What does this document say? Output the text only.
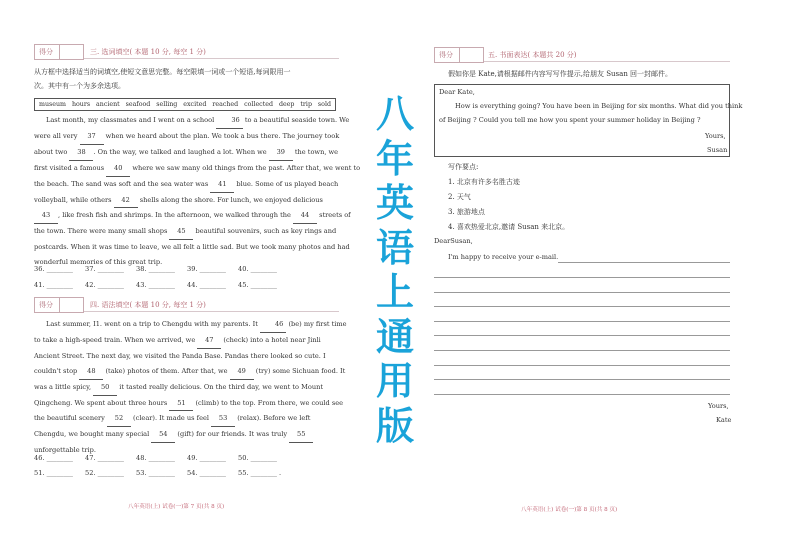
得分	三. 选词填空( 本题 10 分, 每空 1 分)
从方框中选择适当的词填空,使短文意思完整。每空限填一词或一个短语,每词限用一
次。其中有一个为多余选项。
museum hours ancient seafood selling excited reached collected deep trip sold
Last month, my classmates and I went on a school 36 to a beautiful seaside town. We
were all very 37 when we heard about the plan. We took a bus there. The journey took
about two 38 . On the way, we talked and laughed a lot. When we 39 the town, we
first visited a famous 40 where we saw many old things from the past. After that, we went to
the beach. The sand was soft and the sea water was 41 blue. Some of us played beach
volleyball, while others 42 shells along the shore. For lunch, we enjoyed delicious
43 , like fresh fish and shrimps. In the afternoon, we walked through the 44 streets of
the town. There were many small shops 45 beautiful souvenirs, such as key rings and
postcards. When it was time to leave, we all felt a little sad. But we took many photos and had
wonderful memories of this great trip.
36. ________	37. ________	38. ________	39. ________	40. ________
41. ________	42. ________	43. ________	44. ________	45. ________
得分	四. 语法填空( 本题 10 分, 每空 1 分)
Last summer, I1. went on a trip to Chengdu with my parents. It 46 (be) my first time
to take a high-speed train. When we arrived, we 47 (check) into a hotel near Jinli
Ancient Street. The next day, we visited the Panda Base. Pandas there looked so cute. I
couldn't stop 48 (take) photos of them. After that, we 49 (try) some Sichuan food. It
was a little spicy, 50 it tasted really delicious. On the third day, we went to Mount
Qingcheng. We spent about three hours 51 (climb) to the top. From there, we could see
the beautiful scenery 52 (clear). It made us feel 53 (relax). Before we left
Chengdu, we bought many special 54 (gift) for our friends. It was truly 55
unforgettable trip.
46. ________	47. ________	48. ________	49. ________	50. ________
51. ________	52. ________	53. ________	54. ________	55. ________ .
八年英语(上) 试卷(一)第 7 页(共 8 页)
八
年
英
语
上
通
用
版
得分	五. 书面表达( 本题共 20 分)
假如你是 Kate,请根据邮件内容写写作提示,给朋友 Susan 回一封邮件。
Dear Kate,
How is everything going? You have been in Beijing for six months. What did you think
of Beijing ? Could you tell me how you spent your summer holiday in Beijing ?
Yours,
Susan
写作要点:
1. 北京有许多名胜古迹
2. 天气
3. 旅游地点
4. 喜欢热爱北京,邀请 Susan 来北京。
DearSusan,
I'm happy to receive your e-mail.
Yours,
Kate
八年英语(上) 试卷(一)第 8 页(共 8 页)
